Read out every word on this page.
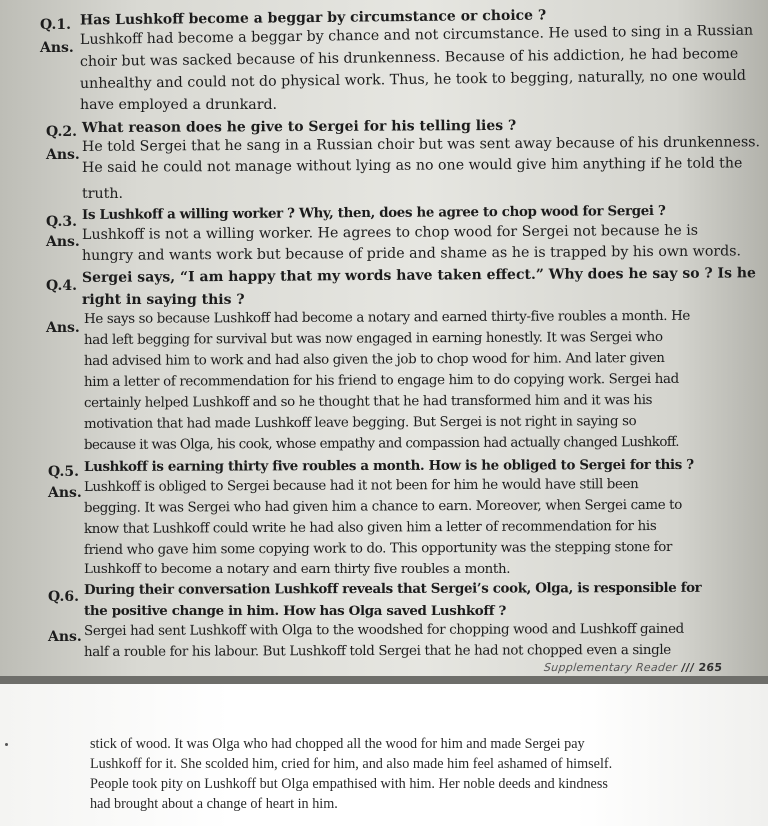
Q.1. Has Lushkoff become a beggar by circumstance or choice ?
Ans.
Lushkoff had become a beggar by chance and not circumstance. He used to sing in a Russian
choir but was sacked because of his drunkenness. Because of his addiction, he had become
unhealthy and could not do physical work. Thus, he took to begging, naturally, no one would
have employed a drunkard.
Q.2. What reason does he give to Sergei for his telling lies ?
Ans.
He told Sergei that he sang in a Russian choir but was sent away because of his drunkenness.
He said he could not manage without lying as no one would give him anything if he told the
truth.
Q.3. Is Lushkoff a willing worker ? Why, then, does he agree to chop wood for Sergei ?
Ans. Lushkoff is not a willing worker. He agrees to chop wood for Sergei not because he is
hungry and wants work but because of pride and shame as he is trapped by his own words.
Q.4.
Sergei says, “I am happy that my words have taken effect.” Why does he say so ? Is he
right in saying this ?
Ans.
He says so because Lushkoff had become a notary and earned thirty-five roubles a month. He
had left begging for survival but was now engaged in earning honestly. It was Sergei who
had advised him to work and had also given the job to chop wood for him. And later given
him a letter of recommendation for his friend to engage him to do copying work. Sergei had
certainly helped Lushkoff and so he thought that he had transformed him and it was his
motivation that had made Lushkoff leave begging. But Sergei is not right in saying so
because it was Olga, his cook, whose empathy and compassion had actually changed Lushkoff.
Q.5. Lushkoff is earning thirty five roubles a month. How is he obliged to Sergei for this ?
Ans. Lushkoff is obliged to Sergei because had it not been for him he would have still been
begging. It was Sergei who had given him a chance to earn. Moreover, when Sergei came to
know that Lushkoff could write he had also given him a letter of recommendation for his
friend who gave him some copying work to do. This opportunity was the stepping stone for
Lushkoff to become a notary and earn thirty five roubles a month.
Q.6. During their conversation Lushkoff reveals that Sergei’s cook, Olga, is responsible for
the positive change in him. How has Olga saved Lushkoff ?
Ans. Sergei had sent Lushkoff with Olga to the woodshed for chopping wood and Lushkoff gained
half a rouble for his labour. But Lushkoff told Sergei that he had not chopped even a single
Supplementary Reader /// 265
stick of wood. It was Olga who had chopped all the wood for him and made Sergei pay
Lushkoff for it. She scolded him, cried for him, and also made him feel ashamed of himself.
People took pity on Lushkoff but Olga empathised with him. Her noble deeds and kindness
had brought about a change of heart in him.
